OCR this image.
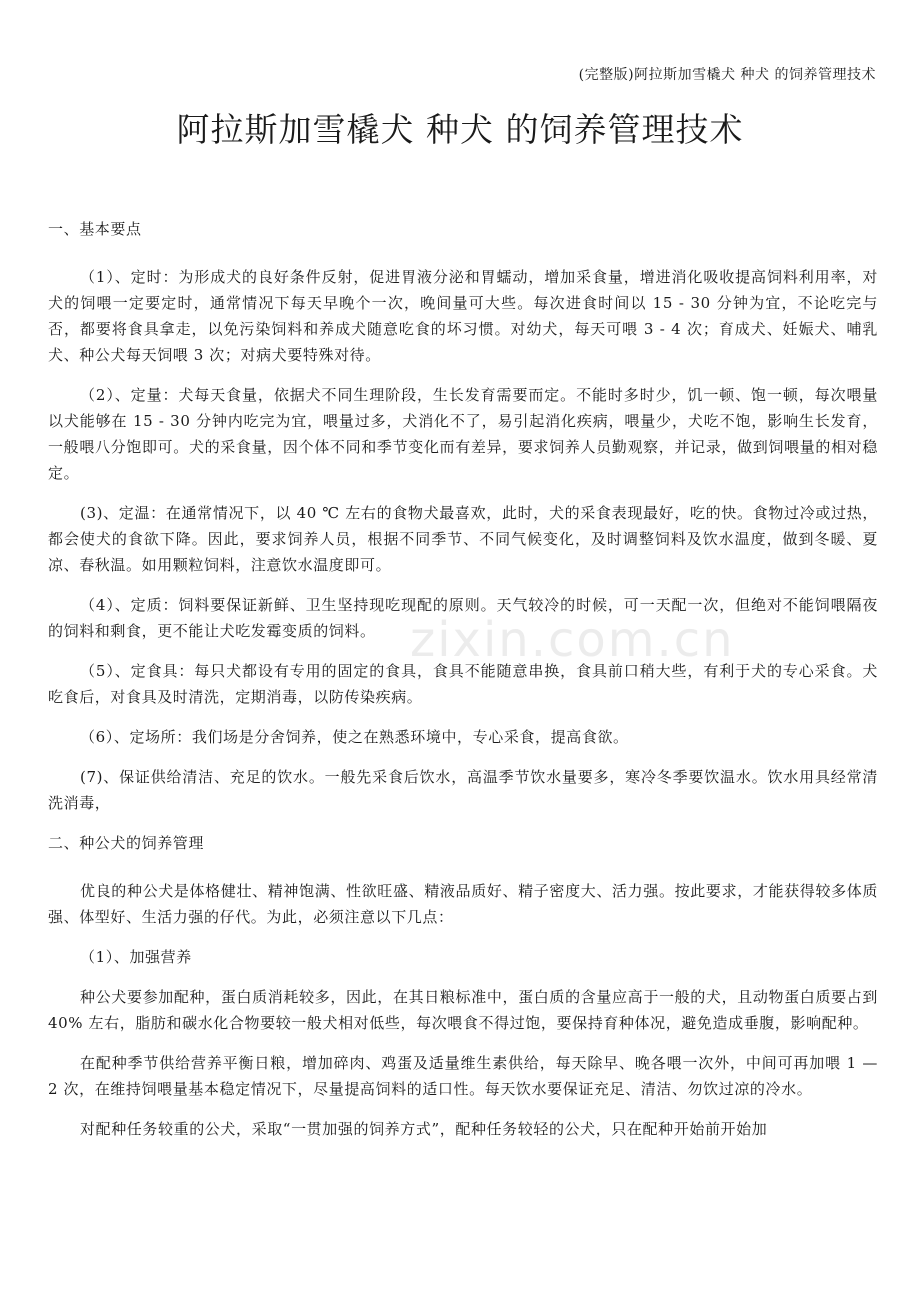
(完整版)阿拉斯加雪橇犬 种犬 的饲养管理技术
阿拉斯加雪橇犬 种犬 的饲养管理技术

一、基本要点

（1）、定时：为形成犬的良好条件反射，促进胃液分泌和胃蠕动，增加采食量，增进消化吸收提高饲料利用率，对犬的饲喂一定要定时，通常情况下每天早晚个一次，晚间量可大些。每次进食时间以 15 - 30 分钟为宜，不论吃完与否，都要将食具拿走，以免污染饲料和养成犬随意吃食的坏习惯。对幼犬，每天可喂 3 - 4 次；育成犬、妊娠犬、哺乳犬、种公犬每天饲喂 3 次；对病犬要特殊对待。

（2）、定量：犬每天食量，依据犬不同生理阶段，生长发育需要而定。不能时多时少，饥一顿、饱一顿，每次喂量以犬能够在 15 - 30 分钟内吃完为宜，喂量过多，犬消化不了，易引起消化疾病，喂量少，犬吃不饱，影响生长发育，一般喂八分饱即可。犬的采食量，因个体不同和季节变化而有差异，要求饲养人员勤观察，并记录，做到饲喂量的相对稳定。

(3)、定温：在通常情况下，以 40 ℃ 左右的食物犬最喜欢，此时，犬的采食表现最好，吃的快。食物过冷或过热，都会使犬的食欲下降。因此，要求饲养人员，根据不同季节、不同气候变化，及时调整饲料及饮水温度，做到冬暖、夏凉、春秋温。如用颗粒饲料，注意饮水温度即可。

（4）、定质：饲料要保证新鲜、卫生坚持现吃现配的原则。天气较冷的时候，可一天配一次，但绝对不能饲喂隔夜的饲料和剩食，更不能让犬吃发霉变质的饲料。

（5）、定食具：每只犬都设有专用的固定的食具，食具不能随意串换，食具前口稍大些，有利于犬的专心采食。犬吃食后，对食具及时清洗，定期消毒，以防传染疾病。

（6）、定场所：我们场是分舍饲养，使之在熟悉环境中，专心采食，提高食欲。

(7)、保证供给清洁、充足的饮水。一般先采食后饮水，高温季节饮水量要多，寒冷冬季要饮温水。饮水用具经常清洗消毒，

二、种公犬的饲养管理

优良的种公犬是体格健壮、精神饱满、性欲旺盛、精液品质好、精子密度大、活力强。按此要求，才能获得较多体质强、体型好、生活力强的仔代。为此，必须注意以下几点：

（1）、加强营养

种公犬要参加配种，蛋白质消耗较多，因此，在其日粮标准中，蛋白质的含量应高于一般的犬，且动物蛋白质要占到 40% 左右，脂肪和碳水化合物要较一般犬相对低些，每次喂食不得过饱，要保持育种体况，避免造成垂腹，影响配种。

在配种季节供给营养平衡日粮，增加碎肉、鸡蛋及适量维生素供给，每天除早、晚各喂一次外，中间可再加喂 1 — 2 次，在维持饲喂量基本稳定情况下，尽量提高饲料的适口性。每天饮水要保证充足、清洁、勿饮过凉的冷水。

对配种任务较重的公犬，采取“一贯加强的饲养方式”，配种任务较轻的公犬，只在配种开始前开始加

zixin.com.cn
